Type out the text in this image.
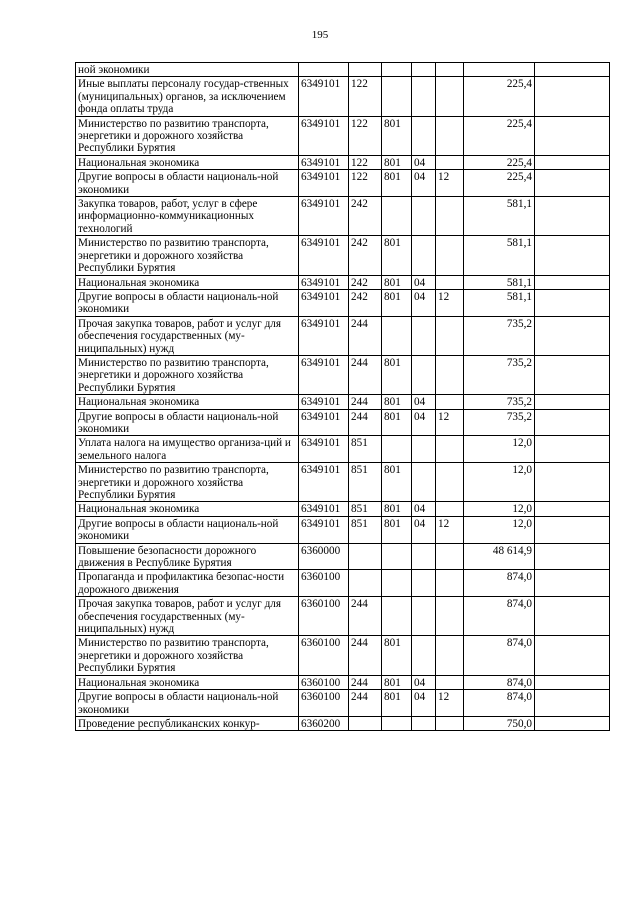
195
ной экономики							
Иные выплаты персоналу государ-ственных (муниципальных) органов, за исключением фонда оплаты труда	6349101	122				225,4	
Министерство по развитию транспорта, энергетики и дорожного хозяйства Республики Бурятия	6349101	122	801			225,4	
Национальная экономика	6349101	122	801	04		225,4	
Другие вопросы в области националь-ной экономики	6349101	122	801	04	12	225,4	
Закупка товаров, работ, услуг в сфере информационно-коммуникационных технологий	6349101	242				581,1	
Министерство по развитию транспорта, энергетики и дорожного хозяйства Республики Бурятия	6349101	242	801			581,1	
Национальная экономика	6349101	242	801	04		581,1	
Другие вопросы в области националь-ной экономики	6349101	242	801	04	12	581,1	
Прочая закупка товаров, работ и услуг для обеспечения государственных (му-ниципальных) нужд	6349101	244				735,2	
Министерство по развитию транспорта, энергетики и дорожного хозяйства Республики Бурятия	6349101	244	801			735,2	
Национальная экономика	6349101	244	801	04		735,2	
Другие вопросы в области националь-ной экономики	6349101	244	801	04	12	735,2	
Уплата налога на имущество организа-ций и земельного налога	6349101	851				12,0	
Министерство по развитию транспорта, энергетики и дорожного хозяйства Республики Бурятия	6349101	851	801			12,0	
Национальная экономика	6349101	851	801	04		12,0	
Другие вопросы в области националь-ной экономики	6349101	851	801	04	12	12,0	
Повышение безопасности дорожного движения в Республике Бурятия	6360000					48 614,9	
Пропаганда и профилактика безопас-ности дорожного движения	6360100					874,0	
Прочая закупка товаров, работ и услуг для обеспечения государственных (му-ниципальных) нужд	6360100	244				874,0	
Министерство по развитию транспорта, энергетики и дорожного хозяйства Республики Бурятия	6360100	244	801			874,0	
Национальная экономика	6360100	244	801	04		874,0	
Другие вопросы в области националь-ной экономики	6360100	244	801	04	12	874,0	
Проведение республиканских конкур-	6360200					750,0	
